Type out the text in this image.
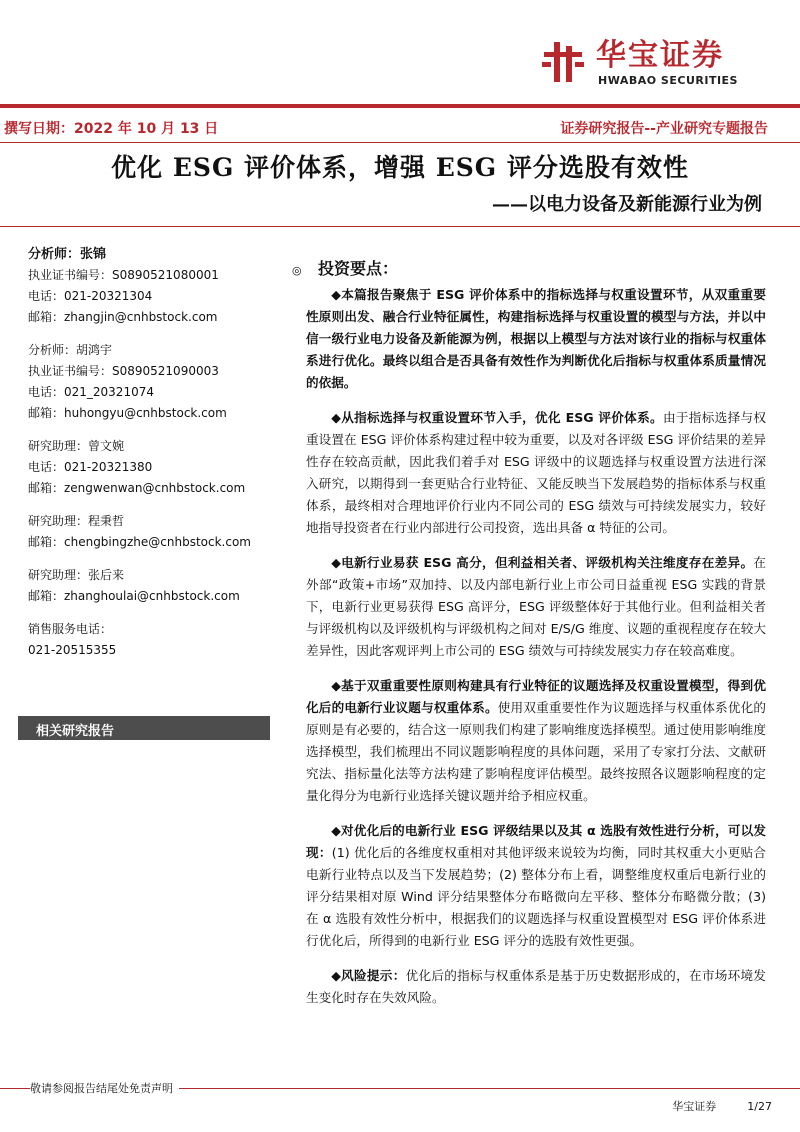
华宝证券
HWABAO SECURITIES
撰写日期：2022 年 10 月 13 日	证券研究报告--产业研究专题报告
优化 ESG 评价体系，增强 ESG 评分选股有效性
——以电力设备及新能源行业为例
分析师：张锦
执业证书编号：S0890521080001
电话：021-20321304
邮箱：zhangjin@cnhbstock.com
分析师：胡鸿宇
执业证书编号：S0890521090003
电话：021_20321074
邮箱：huhongyu@cnhbstock.com
研究助理：曾文婉
电话：021-20321380
邮箱：zengwenwan@cnhbstock.com
研究助理：程秉哲
邮箱：chengbingzhe@cnhbstock.com
研究助理：张后来
邮箱：zhanghoulai@cnhbstock.com
销售服务电话：
021-20515355
相关研究报告
◎ 投资要点：

◆本篇报告聚焦于 ESG 评价体系中的指标选择与权重设置环节，从双重重要性原则出发、融合行业特征属性，构建指标选择与权重设置的模型与方法，并以中信一级行业电力设备及新能源为例，根据以上模型与方法对该行业的指标与权重体系进行优化。最终以组合是否具备有效性作为判断优化后指标与权重体系质量情况的依据。

◆从指标选择与权重设置环节入手，优化 ESG 评价体系。由于指标选择与权重设置在 ESG 评价体系构建过程中较为重要，以及对各评级 ESG 评价结果的差异性存在较高贡献，因此我们着手对 ESG 评级中的议题选择与权重设置方法进行深入研究，以期得到一套更贴合行业特征、又能反映当下发展趋势的指标体系与权重体系，最终相对合理地评价行业内不同公司的 ESG 绩效与可持续发展实力，较好地指导投资者在行业内部进行公司投资，选出具备 α 特征的公司。

◆电新行业易获 ESG 高分，但利益相关者、评级机构关注维度存在差异。在外部“政策+市场”双加持、以及内部电新行业上市公司日益重视 ESG 实践的背景下，电新行业更易获得 ESG 高评分，ESG 评级整体好于其他行业。但利益相关者与评级机构以及评级机构与评级机构之间对 E/S/G 维度、议题的重视程度存在较大差异性，因此客观评判上市公司的 ESG 绩效与可持续发展实力存在较高难度。

◆基于双重重要性原则构建具有行业特征的议题选择及权重设置模型，得到优化后的电新行业议题与权重体系。使用双重重要性作为议题选择与权重体系优化的原则是有必要的，结合这一原则我们构建了影响维度选择模型。通过使用影响维度选择模型，我们梳理出不同议题影响程度的具体问题，采用了专家打分法、文献研究法、指标量化法等方法构建了影响程度评估模型。最终按照各议题影响程度的定量化得分为电新行业选择关键议题并给予相应权重。

◆对优化后的电新行业 ESG 评级结果以及其 α 选股有效性进行分析，可以发现：(1) 优化后的各维度权重相对其他评级来说较为均衡，同时其权重大小更贴合电新行业特点以及当下发展趋势；(2) 整体分布上看，调整维度权重后电新行业的评分结果相对原 Wind 评分结果整体分布略微向左平移、整体分布略微分散；(3) 在 α 选股有效性分析中，根据我们的议题选择与权重设置模型对 ESG 评价体系进行优化后，所得到的电新行业 ESG 评分的选股有效性更强。

◆风险提示：优化后的指标与权重体系是基于历史数据形成的，在市场环境发生变化时存在失效风险。

敬请参阅报告结尾处免责声明
华宝证券	1/27
